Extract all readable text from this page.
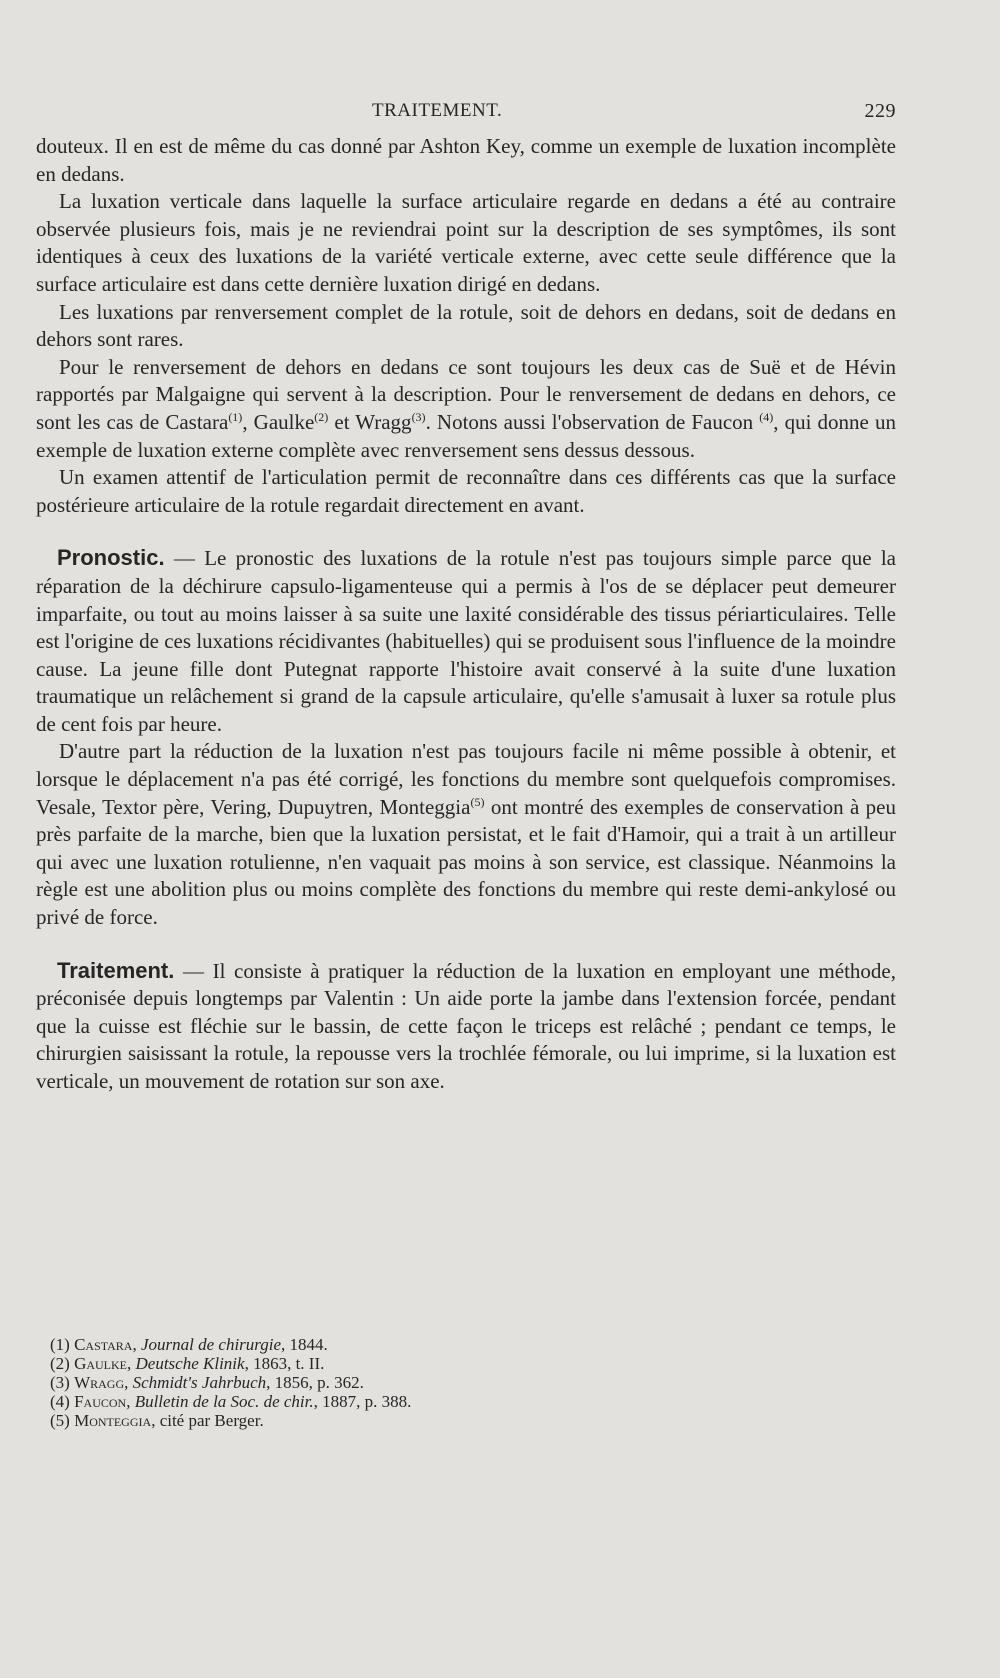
TRAITEMENT.	229

douteux. Il en est de même du cas donné par Ashton Key, comme un exemple de luxation incomplète en dedans.

La luxation verticale dans laquelle la surface articulaire regarde en dedans a été au contraire observée plusieurs fois, mais je ne reviendrai point sur la description de ses symptômes, ils sont identiques à ceux des luxations de la variété verticale externe, avec cette seule différence que la surface articulaire est dans cette dernière luxation dirigé en dedans.

Les luxations par renversement complet de la rotule, soit de dehors en dedans, soit de dedans en dehors sont rares.

Pour le renversement de dehors en dedans ce sont toujours les deux cas de Suë et de Hévin rapportés par Malgaigne qui servent à la description. Pour le renversement de dedans en dehors, ce sont les cas de Castara$^{(1)}$, Gaulke$^{(2)}$ et Wragg$^{(3)}$. Notons aussi l'observation de Faucon $^{(4)}$, qui donne un exemple de luxation externe complète avec renversement sens dessus dessous.

Un examen attentif de l'articulation permit de reconnaître dans ces différents cas que la surface postérieure articulaire de la rotule regardait directement en avant.

Pronostic. — Le pronostic des luxations de la rotule n'est pas toujours simple parce que la réparation de la déchirure capsulo-ligamenteuse qui a permis à l'os de se déplacer peut demeurer imparfaite, ou tout au moins laisser à sa suite une laxité considérable des tissus périarticulaires. Telle est l'origine de ces luxations récidivantes (habituelles) qui se produisent sous l'influence de la moindre cause. La jeune fille dont Putegnat rapporte l'histoire avait conservé à la suite d'une luxation traumatique un relâchement si grand de la capsule articulaire, qu'elle s'amusait à luxer sa rotule plus de cent fois par heure.

D'autre part la réduction de la luxation n'est pas toujours facile ni même possible à obtenir, et lorsque le déplacement n'a pas été corrigé, les fonctions du membre sont quelquefois compromises. Vesale, Textor père, Vering, Dupuytren, Monteggia$^{(5)}$ ont montré des exemples de conservation à peu près parfaite de la marche, bien que la luxation persistat, et le fait d'Hamoir, qui a trait à un artilleur qui avec une luxation rotulienne, n'en vaquait pas moins à son service, est classique. Néanmoins la règle est une abolition plus ou moins complète des fonctions du membre qui reste demi-ankylosé ou privé de force.

Traitement. — Il consiste à pratiquer la réduction de la luxation en employant une méthode, préconisée depuis longtemps par Valentin : Un aide porte la jambe dans l'extension forcée, pendant que la cuisse est fléchie sur le bassin, de cette façon le triceps est relâché ; pendant ce temps, le chirurgien saisissant la rotule, la repousse vers la trochlée fémorale, ou lui imprime, si la luxation est verticale, un mouvement de rotation sur son axe.

(1) Castara, Journal de chirurgie, 1844.
(2) Gaulke, Deutsche Klinik, 1863, t. II.
(3) Wragg, Schmidt's Jahrbuch, 1856, p. 362.
(4) Faucon, Bulletin de la Soc. de chir., 1887, p. 388.
(5) Monteggia, cité par Berger.
